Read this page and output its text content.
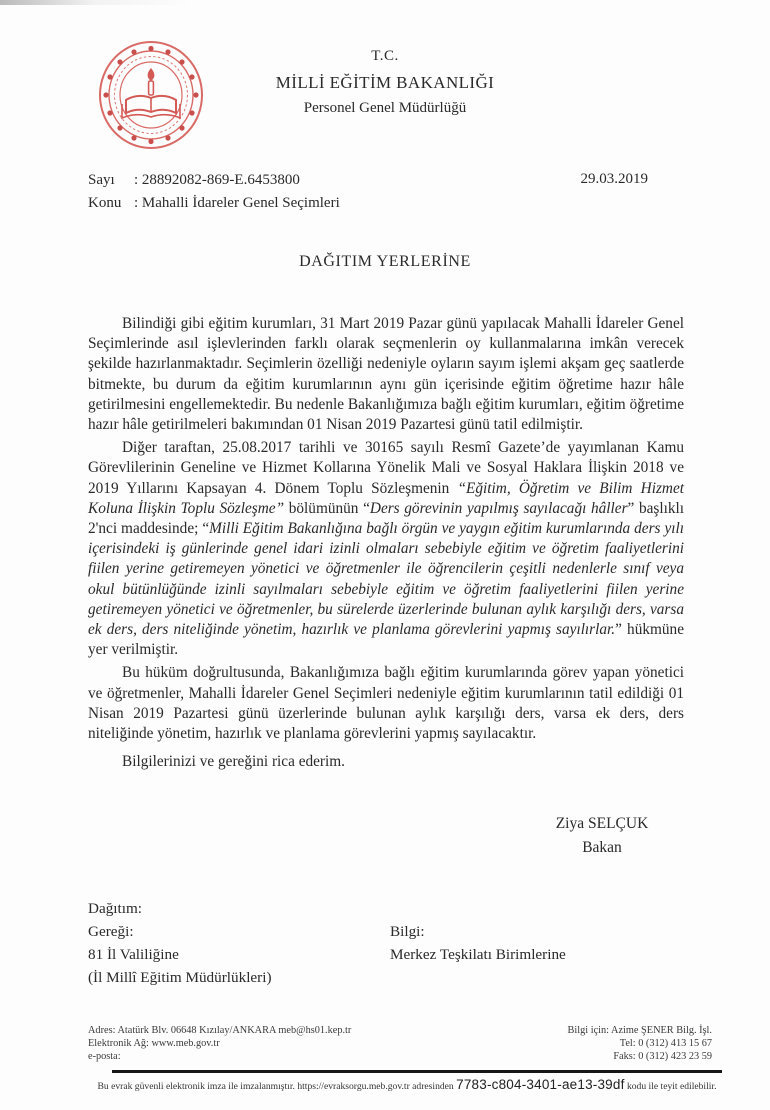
T.C.
MİLLİ EĞİTİM BAKANLIĞI
Personel Genel Müdürlüğü
Sayı	: 28892082-869-E.6453800
Konu : Mahalli İdareler Genel Seçimleri
29.03.2019
DAĞITIM YERLERİNE

Bilindiği gibi eğitim kurumları, 31 Mart 2019 Pazar günü yapılacak Mahalli İdareler Genel Seçimlerinde asıl işlevlerinden farklı olarak seçmenlerin oy kullanmalarına imkân verecek şekilde hazırlanmaktadır. Seçimlerin özelliği nedeniyle oyların sayım işlemi akşam geç saatlerde bitmekte, bu durum da eğitim kurumlarının aynı gün içerisinde eğitim öğretime hazır hâle getirilmesini engellemektedir. Bu nedenle Bakanlığımıza bağlı eğitim kurumları, eğitim öğretime hazır hâle getirilmeleri bakımından 01 Nisan 2019 Pazartesi günü tatil edilmiştir.

Diğer taraftan, 25.08.2017 tarihli ve 30165 sayılı Resmî Gazete’de yayımlanan Kamu Görevlilerinin Geneline ve Hizmet Kollarına Yönelik Mali ve Sosyal Haklara İlişkin 2018 ve 2019 Yıllarını Kapsayan 4. Dönem Toplu Sözleşmenin “Eğitim, Öğretim ve Bilim Hizmet Koluna İlişkin Toplu Sözleşme” bölümünün “Ders görevinin yapılmış sayılacağı hâller” başlıklı 2'nci maddesinde; “Milli Eğitim Bakanlığına bağlı örgün ve yaygın eğitim kurumlarında ders yılı içerisindeki iş günlerinde genel idari izinli olmaları sebebiyle eğitim ve öğretim faaliyetlerini fiilen yerine getiremeyen yönetici ve öğretmenler ile öğrencilerin çeşitli nedenlerle sınıf veya okul bütünlüğünde izinli sayılmaları sebebiyle eğitim ve öğretim faaliyetlerini fiilen yerine getiremeyen yönetici ve öğretmenler, bu sürelerde üzerlerinde bulunan aylık karşılığı ders, varsa ek ders, ders niteliğinde yönetim, hazırlık ve planlama görevlerini yapmış sayılırlar.” hükmüne yer verilmiştir.

Bu hüküm doğrultusunda, Bakanlığımıza bağlı eğitim kurumlarında görev yapan yönetici ve öğretmenler, Mahalli İdareler Genel Seçimleri nedeniyle eğitim kurumlarının tatil edildiği 01 Nisan 2019 Pazartesi günü üzerlerinde bulunan aylık karşılığı ders, varsa ek ders, ders niteliğinde yönetim, hazırlık ve planlama görevlerini yapmış sayılacaktır.

Bilgilerinizi ve gereğini rica ederim.

Ziya SELÇUK
Bakan
Dağıtım:
Gereği:
81 İl Valiliğine
(İl Millî Eğitim Müdürlükleri)
Bilgi:
Merkez Teşkilatı Birimlerine
Adres: Atatürk Blv. 06648 Kızılay/ANKARA meb@hs01.kep.tr
Elektronik Ağ: www.meb.gov.tr
e-posta:
Bilgi için: Azime ŞENER Bilg. İşl.
Tel: 0 (312) 413 15 67
Faks: 0 (312) 423 23 59
Bu evrak güvenli elektronik imza ile imzalanmıştır. https://evraksorgu.meb.gov.tr adresinden 7783-c804-3401-ae13-39df kodu ile teyit edilebilir.
